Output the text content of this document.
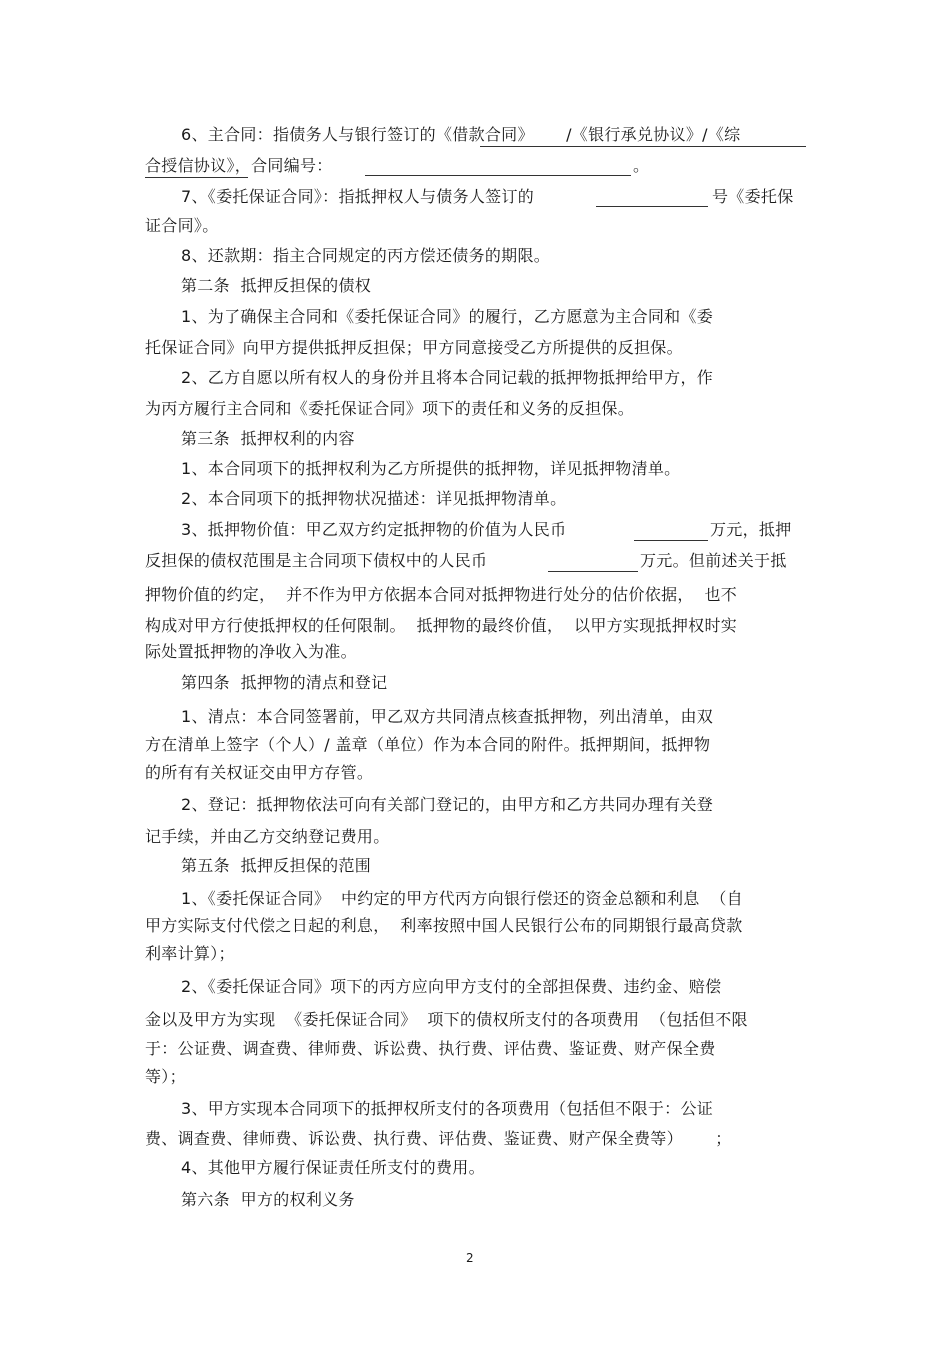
6、主合同：指债务人与银行签订的《借款合同》      /《银行承兑协议》/《综
合授信协议》，合同编号：	。
7、《委托保证合同》：指抵押权人与债务人签订的	号《委托保
证合同》。
8、还款期：指主合同规定的丙方偿还债务的期限。
第二条  抵押反担保的债权
1、为了确保主合同和《委托保证合同》的履行，乙方愿意为主合同和《委
托保证合同》向甲方提供抵押反担保；甲方同意接受乙方所提供的反担保。
2、乙方自愿以所有权人的身份并且将本合同记载的抵押物抵押给甲方，作
为丙方履行主合同和《委托保证合同》项下的责任和义务的反担保。
第三条  抵押权利的内容
1、本合同项下的抵押权利为乙方所提供的抵押物，详见抵押物清单。
2、本合同项下的抵押物状况描述：详见抵押物清单。
3、抵押物价值：甲乙双方约定抵押物的价值为人民币	万元，抵押
反担保的债权范围是主合同项下债权中的人民币	万元。但前述关于抵
押物价值的约定，  并不作为甲方依据本合同对抵押物进行处分的估价依据，  也不
构成对甲方行使抵押权的任何限制。  抵押物的最终价值，  以甲方实现抵押权时实
际处置抵押物的净收入为准。
第四条  抵押物的清点和登记
1、清点：本合同签署前，甲乙双方共同清点核查抵押物，列出清单，由双
方在清单上签字（个人）/ 盖章（单位）作为本合同的附件。抵押期间，抵押物
的所有有关权证交由甲方存管。
2、登记：抵押物依法可向有关部门登记的，由甲方和乙方共同办理有关登
记手续，并由乙方交纳登记费用。
第五条  抵押反担保的范围
1、《委托保证合同》  中约定的甲方代丙方向银行偿还的资金总额和利息  （自
甲方实际支付代偿之日起的利息，  利率按照中国人民银行公布的同期银行最高贷款
利率计算）；
2、《委托保证合同》项下的丙方应向甲方支付的全部担保费、违约金、赔偿
金以及甲方为实现  《委托保证合同》  项下的债权所支付的各项费用  （包括但不限
于：公证费、调查费、律师费、诉讼费、执行费、评估费、鉴证费、财产保全费
等）；
3、甲方实现本合同项下的抵押权所支付的各项费用（包括但不限于：公证
费、调查费、律师费、诉讼费、执行费、评估费、鉴证费、财产保全费等）      ；
4、其他甲方履行保证责任所支付的费用。
第六条  甲方的权利义务
2
